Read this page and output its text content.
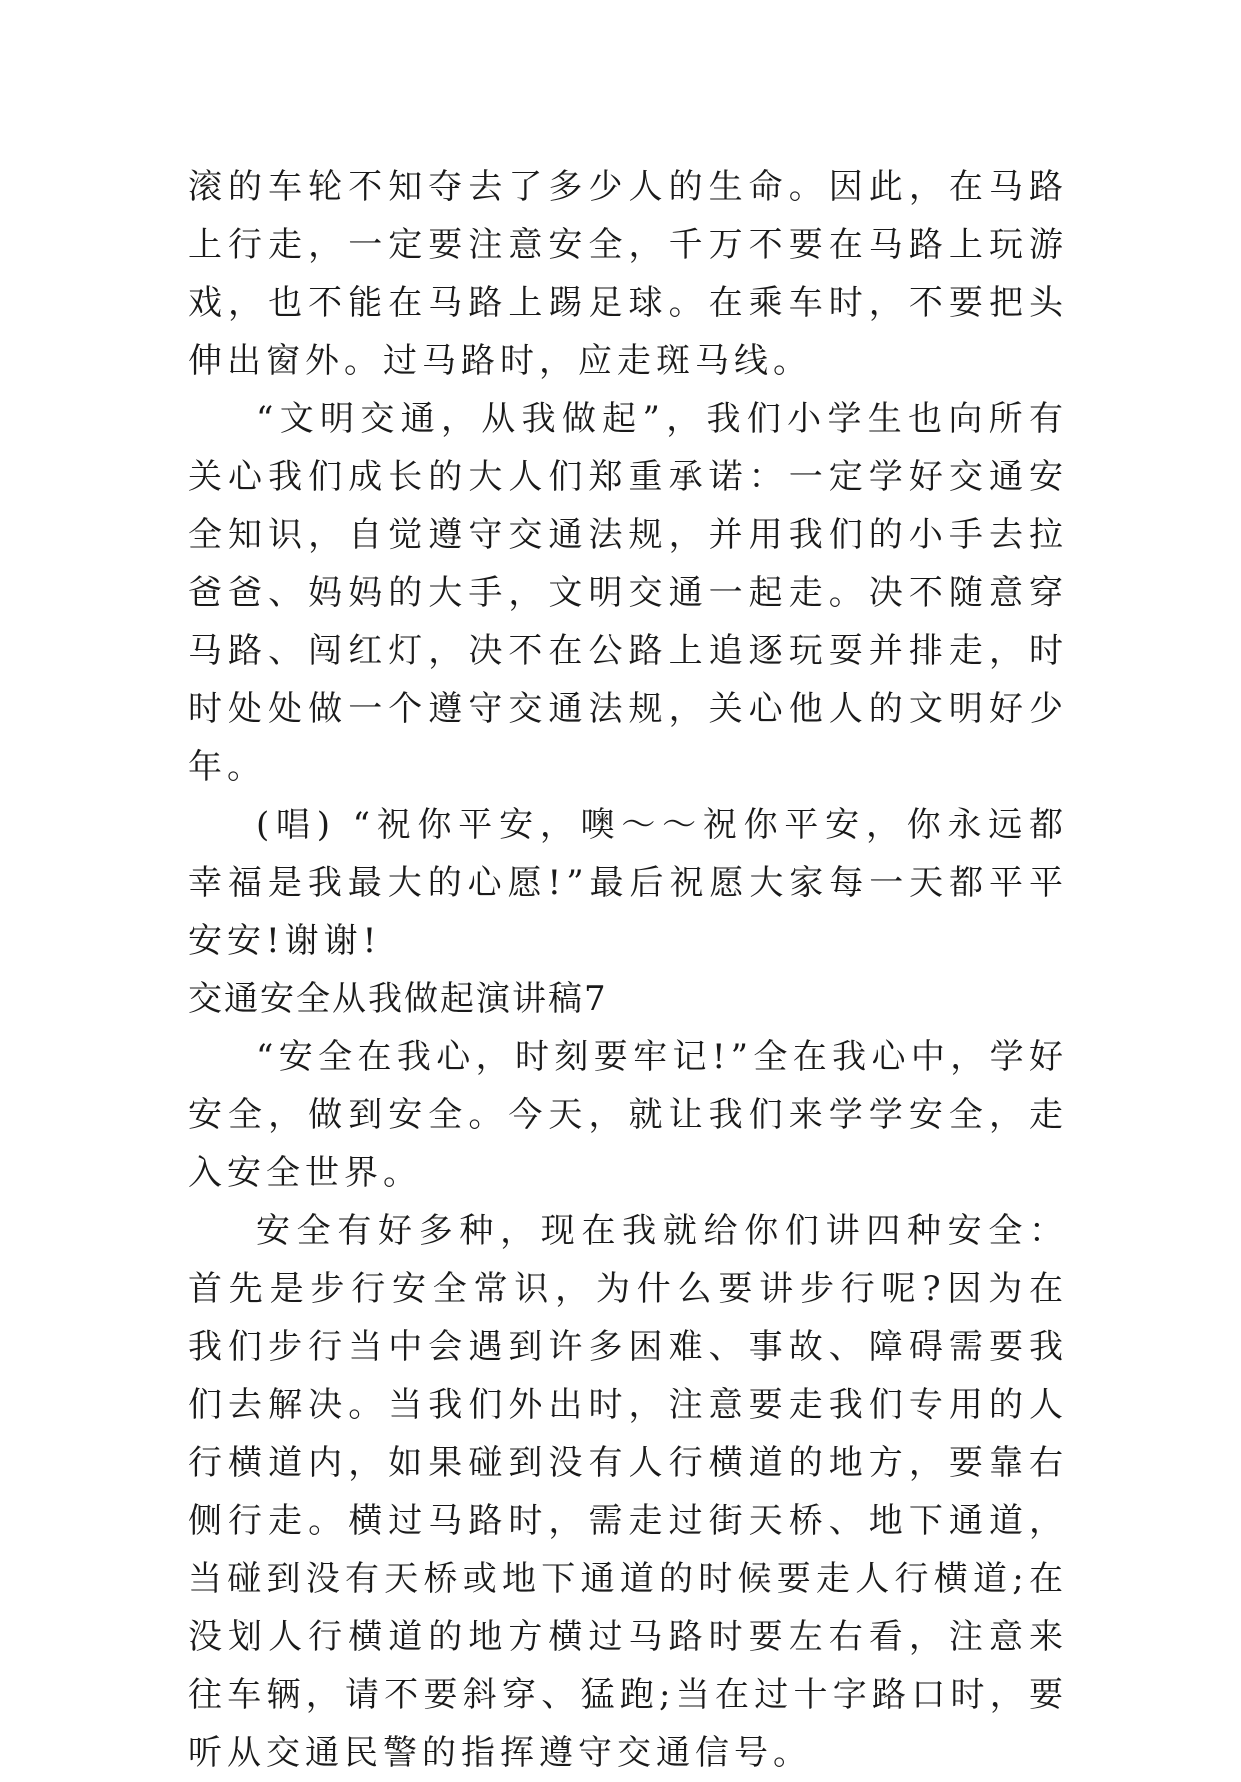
滚的车轮不知夺去了多少人的生命。因此，在马路上行走，一定要注意安全，千万不要在马路上玩游戏，也不能在马路上踢足球。在乘车时，不要把头伸出窗外。过马路时，应走斑马线。

“文明交通，从我做起”，我们小学生也向所有关心我们成长的大人们郑重承诺：一定学好交通安全知识，自觉遵守交通法规，并用我们的小手去拉爸爸、妈妈的大手，文明交通一起走。决不随意穿马路、闯红灯，决不在公路上追逐玩耍并排走，时时处处做一个遵守交通法规，关心他人的文明好少年。

(唱) “祝你平安，噢～～祝你平安，你永远都幸福是我最大的心愿!”最后祝愿大家每一天都平平安安!谢谢!

交通安全从我做起演讲稿7

“安全在我心，时刻要牢记!”全在我心中，学好安全，做到安全。今天，就让我们来学学安全，走入安全世界。

安全有好多种，现在我就给你们讲四种安全：首先是步行安全常识，为什么要讲步行呢?因为在我们步行当中会遇到许多困难、事故、障碍需要我们去解决。当我们外出时，注意要走我们专用的人行横道内，如果碰到没有人行横道的地方，要靠右侧行走。横过马路时，需走过街天桥、地下通道，当碰到没有天桥或地下通道的时候要走人行横道;在没划人行横道的地方横过马路时要左右看，注意来往车辆，请不要斜穿、猛跑;当在过十字路口时，要听从交通民警的指挥遵守交通信号。
